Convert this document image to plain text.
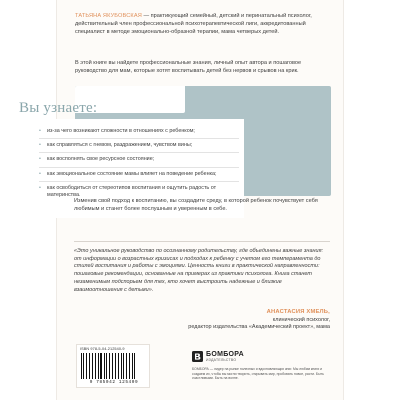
ТАТЬЯНА ЯКУБОВСКАЯ — практикующий семейный, детский и перинатальный психолог, действительный член профессиональной психотерапевтической лиги, аккредитованный специалист в методе эмоционально-образной терапии, мама четверых детей.

В этой книге вы найдете профессиональные знания, личный опыт автора и пошаговое руководство для мам, которые хотят воспитывать детей без нервов и срывов на крик.

Вы узнаете:
• из-за чего возникают сложности в отношениях с ребенком;
• как справляться с гневом, раздражением, чувством вины;
• как восполнять свое ресурсное состояние;
• как эмоциональное состояние мамы влияет на поведение ребенка;
• как освободиться от стереотипов воспитания и ощутить радость от материнства.

Изменив свой подход к воспитанию, вы создадите среду, в которой ребенок почувствует себя любимым и станет более послушным и уверенным в себе.

«Это уникальное руководство по осознанному родительству, где объединены важные знания: от информации о возрастных кризисах и подходах к ребенку с учетом его темперамента до стилей воспитания и работы с эмоциями. Ценность книги в практической направленности: пошаговые рекомендации, основанные на примерах из практики психолога. Книга станет незаменимым подспорьем для тех, кто хочет выстроить надежные и близкие взаимоотношения с детьми».

АНАСТАСИЯ ХМЕЛЬ,
клинический психолог,
редактор издательства «Академический проект», мама
ISBN 978-5-04-212540-9
9 785042 125409
БОМБОРА
ИЗДАТЕЛЬСТВО

БОМБОРА — лидер на рынке полезных и вдохновляющих книг. Мы любим книги и создаем их, чтобы вы могли творить, открывать мир, пробовать новое, расти. Быть счастливыми. Быть на волне.
